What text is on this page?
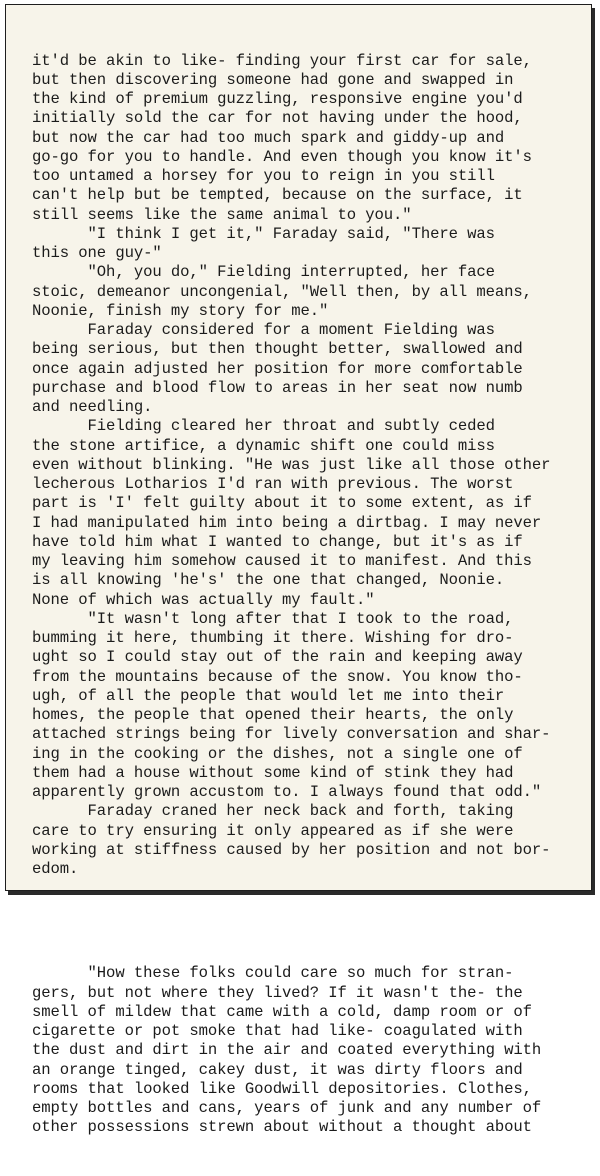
it'd be akin to like- finding your first car for sale,
but then discovering someone had gone and swapped in
the kind of premium guzzling, responsive engine you'd
initially sold the car for not having under the hood,
but now the car had too much spark and giddy-up and
go-go for you to handle. And even though you know it's
too untamed a horsey for you to reign in you still
can't help but be tempted, because on the surface, it
still seems like the same animal to you."
"I think I get it," Faraday said, "There was
this one guy-"
"Oh, you do," Fielding interrupted, her face
stoic, demeanor uncongenial, "Well then, by all means,
Noonie, finish my story for me."
Faraday considered for a moment Fielding was
being serious, but then thought better, swallowed and
once again adjusted her position for more comfortable
purchase and blood flow to areas in her seat now numb
and needling.
Fielding cleared her throat and subtly ceded
the stone artifice, a dynamic shift one could miss
even without blinking. "He was just like all those other
lecherous Lotharios I'd ran with previous. The worst
part is 'I' felt guilty about it to some extent, as if
I had manipulated him into being a dirtbag. I may never
have told him what I wanted to change, but it's as if
my leaving him somehow caused it to manifest. And this
is all knowing 'he's' the one that changed, Noonie.
None of which was actually my fault."
"It wasn't long after that I took to the road,
bumming it here, thumbing it there. Wishing for dro-
ught so I could stay out of the rain and keeping away
from the mountains because of the snow. You know tho-
ugh, of all the people that would let me into their
homes, the people that opened their hearts, the only
attached strings being for lively conversation and shar-
ing in the cooking or the dishes, not a single one of
them had a house without some kind of stink they had
apparently grown accustom to. I always found that odd."
Faraday craned her neck back and forth, taking
care to try ensuring it only appeared as if she were
working at stiffness caused by her position and not bor-
edom.

"How these folks could care so much for stran-
gers, but not where they lived? If it wasn't the- the
smell of mildew that came with a cold, damp room or of
cigarette or pot smoke that had like- coagulated with
the dust and dirt in the air and coated everything with
an orange tinged, cakey dust, it was dirty floors and
rooms that looked like Goodwill depositories. Clothes,
empty bottles and cans, years of junk and any number of
other possessions strewn about without a thought about
